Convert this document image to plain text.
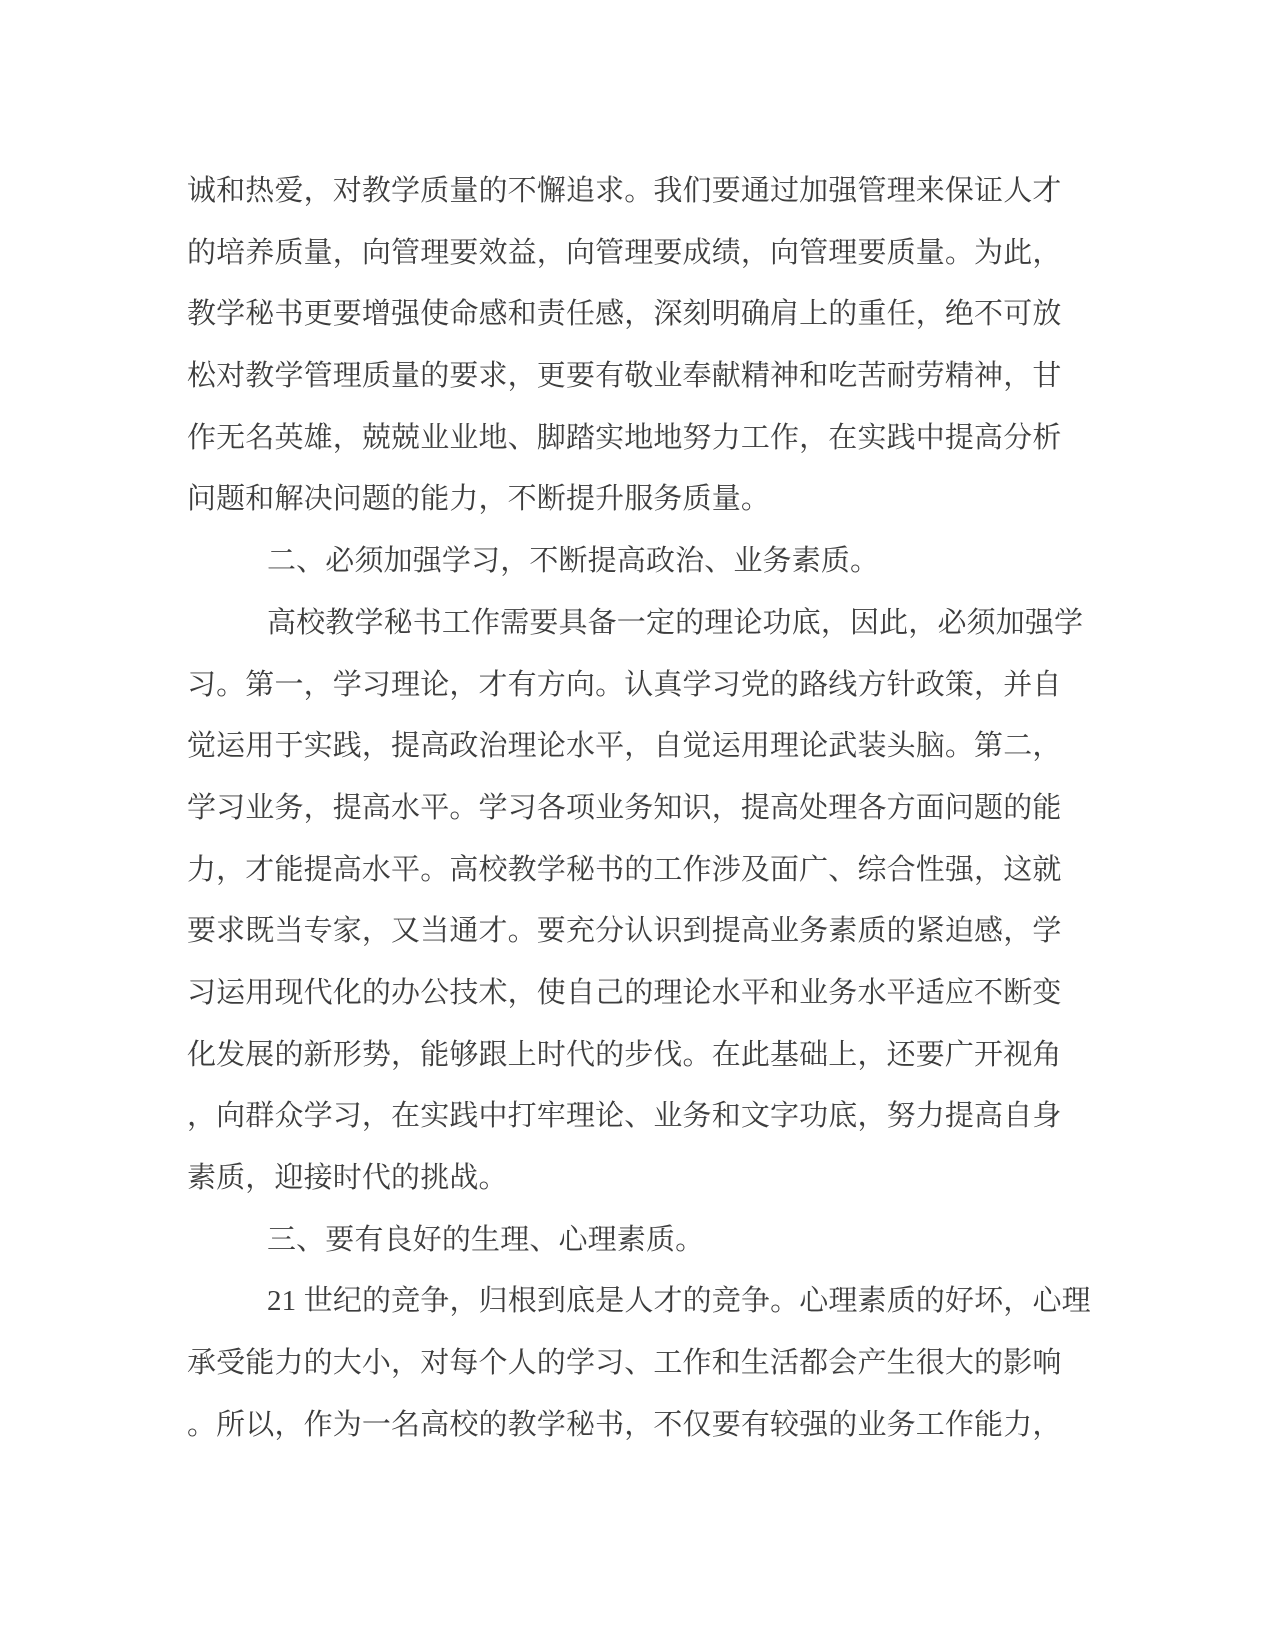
诚和热爱，对教学质量的不懈追求。我们要通过加强管理来保证人才
的培养质量，向管理要效益，向管理要成绩，向管理要质量。为此，
教学秘书更要增强使命感和责任感，深刻明确肩上的重任，绝不可放
松对教学管理质量的要求，更要有敬业奉献精神和吃苦耐劳精神，甘
作无名英雄，兢兢业业地、脚踏实地地努力工作，在实践中提高分析
问题和解决问题的能力，不断提升服务质量。
二、必须加强学习，不断提高政治、业务素质。
高校教学秘书工作需要具备一定的理论功底，因此，必须加强学
习。第一，学习理论，才有方向。认真学习党的路线方针政策，并自
觉运用于实践，提高政治理论水平，自觉运用理论武装头脑。第二，
学习业务，提高水平。学习各项业务知识，提高处理各方面问题的能
力，才能提高水平。高校教学秘书的工作涉及面广、综合性强，这就
要求既当专家，又当通才。要充分认识到提高业务素质的紧迫感，学
习运用现代化的办公技术，使自己的理论水平和业务水平适应不断变
化发展的新形势，能够跟上时代的步伐。在此基础上，还要广开视角
，向群众学习，在实践中打牢理论、业务和文字功底，努力提高自身
素质，迎接时代的挑战。
三、要有良好的生理、心理素质。
21 世纪的竞争，归根到底是人才的竞争。心理素质的好坏，心理
承受能力的大小，对每个人的学习、工作和生活都会产生很大的影响
。所以，作为一名高校的教学秘书，不仅要有较强的业务工作能力，
